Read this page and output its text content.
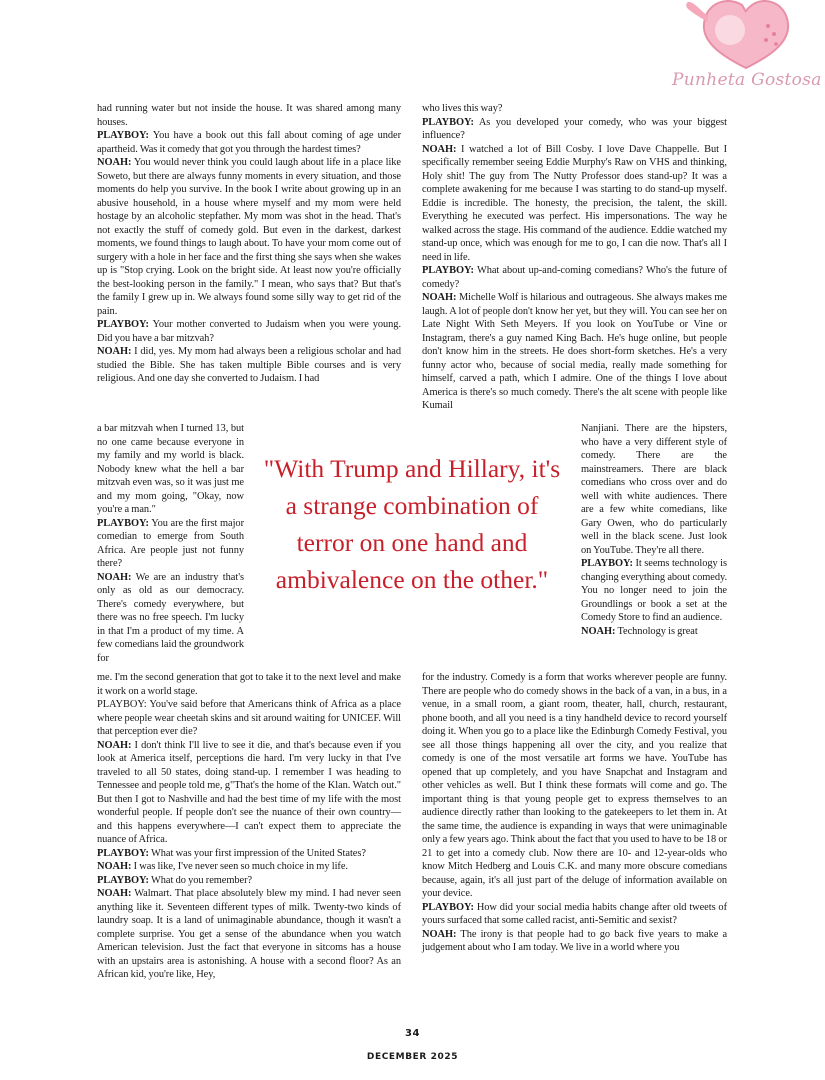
Punheta Gostosa

had running water but not inside the house. It was shared among many houses.

PLAYBOY: You have a book out this fall about coming of age under apartheid. Was it comedy that got you through the hardest times?

NOAH: You would never think you could laugh about life in a place like Soweto, but there are always funny moments in every situation, and those moments do help you survive. In the book I write about growing up in an abusive household, in a house where myself and my mom were held hostage by an alcoholic stepfather. My mom was shot in the head. That's not exactly the stuff of comedy gold. But even in the darkest, darkest moments, we found things to laugh about. To have your mom come out of surgery with a hole in her face and the first thing she says when she wakes up is "Stop crying. Look on the bright side. At least now you're officially the best-looking person in the family." I mean, who says that? But that's the family I grew up in. We always found some silly way to get rid of the pain.

PLAYBOY: Your mother converted to Judaism when you were young. Did you have a bar mitzvah?

NOAH: I did, yes. My mom had always been a religious scholar and had studied the Bible. She has taken multiple Bible courses and is very religious. And one day she converted to Judaism. I had

a bar mitzvah when I turned 13, but no one came because everyone in my family and my world is black. Nobody knew what the hell a bar mitzvah even was, so it was just me and my mom going, "Okay, now you're a man."

PLAYBOY: You are the first major comedian to emerge from South Africa. Are people just not funny there?

NOAH: We are an industry that's only as old as our democracy. There's comedy everywhere, but there was no free speech. I'm lucky in that I'm a product of my time. A few comedians laid the groundwork for

"With Trump and Hillary, it's a strange combination of terror on one hand and ambivalence on the other."

me. I'm the second generation that got to take it to the next level and make it work on a world stage.

PLAYBOY: You've said before that Americans think of Africa as a place where people wear cheetah skins and sit around waiting for UNICEF. Will that perception ever die?

NOAH: I don't think I'll live to see it die, and that's because even if you look at America itself, perceptions die hard. I'm very lucky in that I've traveled to all 50 states, doing stand-up. I remember I was heading to Tennessee and people told me, g"That's the home of the Klan. Watch out." But then I got to Nashville and had the best time of my life with the most wonderful people. If people don't see the nuance of their own country—and this happens everywhere—I can't expect them to appreciate the nuance of Africa.

PLAYBOY: What was your first impression of the United States?

NOAH: I was like, I've never seen so much choice in my life.

PLAYBOY: What do you remember?

NOAH: Walmart. That place absolutely blew my mind. I had never seen anything like it. Seventeen different types of milk. Twenty-two kinds of laundry soap. It is a land of unimaginable abundance, though it wasn't a complete surprise. You get a sense of the abundance when you watch American television. Just the fact that everyone in sitcoms has a house with an upstairs area is astonishing. A house with a second floor? As an African kid, you're like, Hey,

who lives this way?

PLAYBOY: As you developed your comedy, who was your biggest influence?

NOAH: I watched a lot of Bill Cosby. I love Dave Chappelle. But I specifically remember seeing Eddie Murphy's Raw on VHS and thinking, Holy shit! The guy from The Nutty Professor does stand-up? It was a complete awakening for me because I was starting to do stand-up myself. Eddie is incredible. The honesty, the precision, the talent, the skill. Everything he executed was perfect. His impersonations. The way he walked across the stage. His command of the audience. Eddie watched my stand-up once, which was enough for me to go, I can die now. That's all I need in life.

PLAYBOY: What about up-and-coming comedians? Who's the future of comedy?

NOAH: Michelle Wolf is hilarious and outrageous. She always makes me laugh. A lot of people don't know her yet, but they will. You can see her on Late Night With Seth Meyers. If you look on YouTube or Vine or Instagram, there's a guy named King Bach. He's huge online, but people don't know him in the streets. He does short-form sketches. He's a very funny actor who, because of social media, really made something for himself, carved a path, which I admire. One of the things I love about America is there's so much comedy. There's the alt scene with people like Kumail

Nanjiani. There are the hipsters, who have a very different style of comedy. There are the mainstreamers. There are black comedians who cross over and do well with white audiences. There are a few white comedians, like Gary Owen, who do particularly well in the black scene. Just look on YouTube. They're all there.

PLAYBOY: It seems technology is changing everything about comedy. You no longer need to join the Groundlings or book a set at the Comedy Store to find an audience.

NOAH: Technology is great

for the industry. Comedy is a form that works wherever people are funny. There are people who do comedy shows in the back of a van, in a bus, in a venue, in a small room, a giant room, theater, hall, church, restaurant, phone booth, and all you need is a tiny handheld device to record yourself doing it. When you go to a place like the Edinburgh Comedy Festival, you see all those things happening all over the city, and you realize that comedy is one of the most versatile art forms we have. YouTube has opened that up completely, and you have Snapchat and Instagram and other vehicles as well. But I think these formats will come and go. The important thing is that young people get to express themselves to an audience directly rather than looking to the gatekeepers to let them in. At the same time, the audience is expanding in ways that were unimaginable only a few years ago. Think about the fact that you used to have to be 18 or 21 to get into a comedy club. Now there are 10- and 12-year-olds who know Mitch Hedberg and Louis C.K. and many more obscure comedians because, again, it's all just part of the deluge of information available on your device.

PLAYBOY: How did your social media habits change after old tweets of yours surfaced that some called racist, anti-Semitic and sexist?

NOAH: The irony is that people had to go back five years to make a judgement about who I am today. We live in a world where you

34
DECEMBER 2025
